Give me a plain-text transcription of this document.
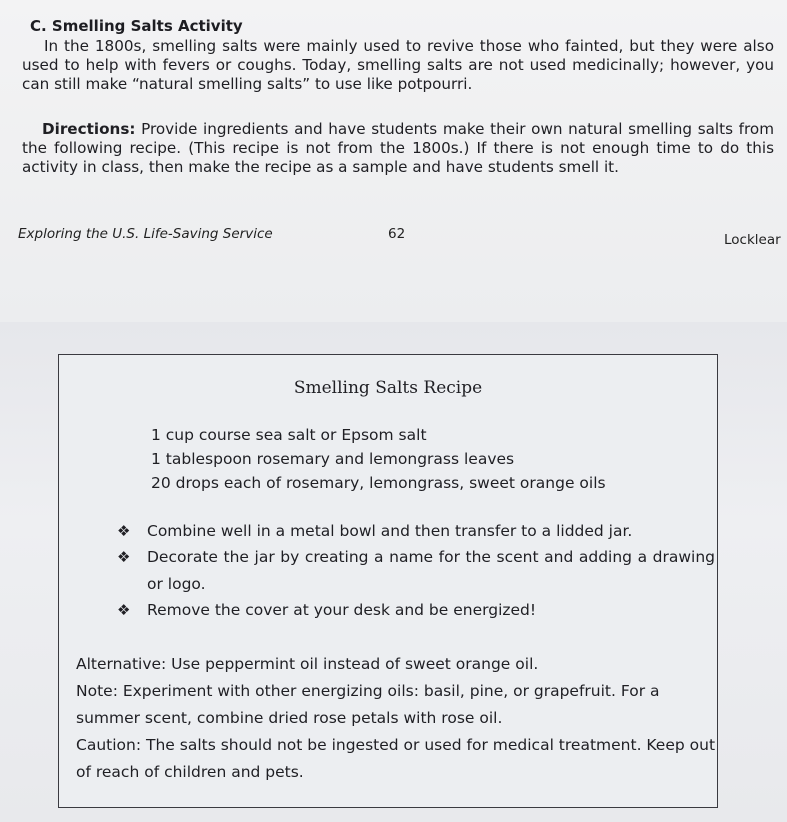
C. Smelling Salts Activity

In the 1800s, smelling salts were mainly used to revive those who fainted, but they were also used to help with fevers or coughs. Today, smelling salts are not used medicinally; however, you can still make “natural smelling salts” to use like potpourri.

Directions: Provide ingredients and have students make their own natural smelling salts from the following recipe. (This recipe is not from the 1800s.) If there is not enough time to do this activity in class, then make the recipe as a sample and have students smell it.

Exploring the U.S. Life-Saving Service	62	Locklear
Smelling Salts Recipe
1 cup course sea salt or Epsom salt
1 tablespoon rosemary and lemongrass leaves
20 drops each of rosemary, lemongrass, sweet orange oils
❖ Combine well in a metal bowl and then transfer to a lidded jar.
❖ Decorate the jar by creating a name for the scent and adding a drawing or logo.
❖ Remove the cover at your desk and be energized!
Alternative: Use peppermint oil instead of sweet orange oil.
Note: Experiment with other energizing oils: basil, pine, or grapefruit. For a summer scent, combine dried rose petals with rose oil.
Caution: The salts should not be ingested or used for medical treatment. Keep out of reach of children and pets.
